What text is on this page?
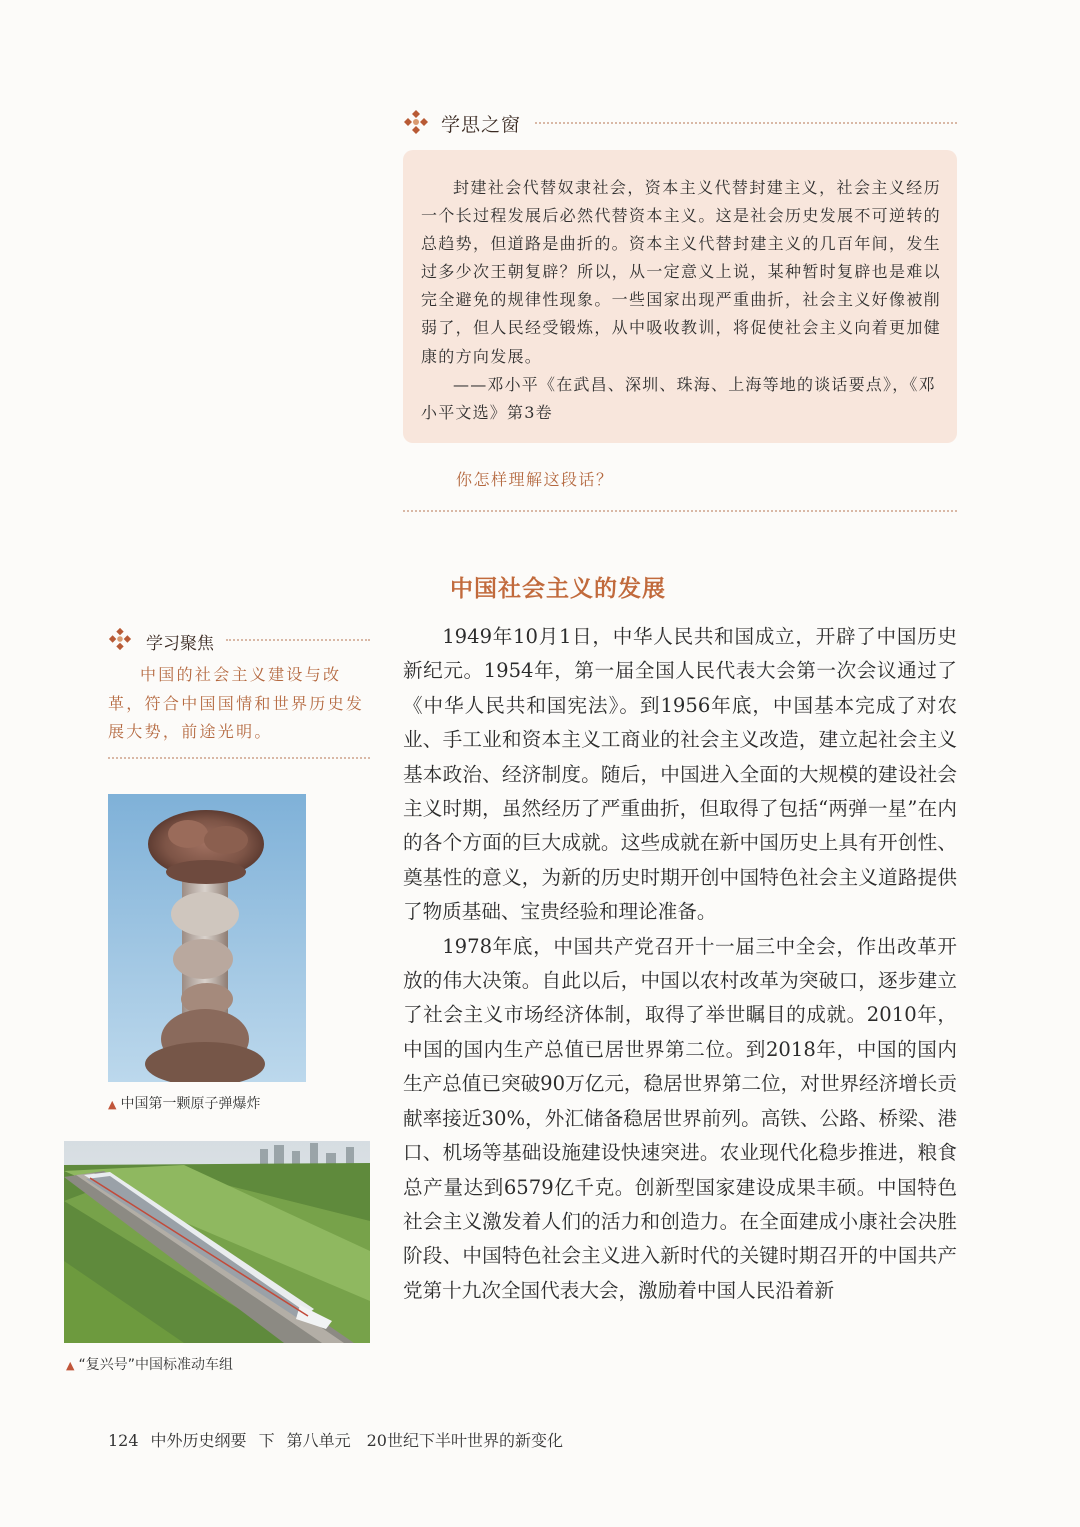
学思之窗

封建社会代替奴隶社会，资本主义代替封建主义，社会主义经历一个长过程发展后必然代替资本主义。这是社会历史发展不可逆转的总趋势，但道路是曲折的。资本主义代替封建主义的几百年间，发生过多少次王朝复辟？所以，从一定意义上说，某种暂时复辟也是难以完全避免的规律性现象。一些国家出现严重曲折，社会主义好像被削弱了，但人民经受锻炼，从中吸收教训，将促使社会主义向着更加健康的方向发展。

——邓小平《在武昌、深圳、珠海、上海等地的谈话要点》，《邓小平文选》第3卷

你怎样理解这段话？
中国社会主义的发展

1949年10月1日，中华人民共和国成立，开辟了中国历史新纪元。1954年，第一届全国人民代表大会第一次会议通过了《中华人民共和国宪法》。到1956年底，中国基本完成了对农业、手工业和资本主义工商业的社会主义改造，建立起社会主义基本政治、经济制度。随后，中国进入全面的大规模的建设社会主义时期，虽然经历了严重曲折，但取得了包括“两弹一星”在内的各个方面的巨大成就。这些成就在新中国历史上具有开创性、奠基性的意义，为新的历史时期开创中国特色社会主义道路提供了物质基础、宝贵经验和理论准备。

1978年底，中国共产党召开十一届三中全会，作出改革开放的伟大决策。自此以后，中国以农村改革为突破口，逐步建立了社会主义市场经济体制，取得了举世瞩目的成就。2010年，中国的国内生产总值已居世界第二位。到2018年，中国的国内生产总值已突破90万亿元，稳居世界第二位，对世界经济增长贡献率接近30%，外汇储备稳居世界前列。高铁、公路、桥梁、港口、机场等基础设施建设快速突进。农业现代化稳步推进，粮食总产量达到6579亿千克。创新型国家建设成果丰硕。中国特色社会主义激发着人们的活力和创造力。在全面建成小康社会决胜阶段、中国特色社会主义进入新时代的关键时期召开的中国共产党第十九次全国代表大会，激励着中国人民沿着新

学习聚焦

中国的社会主义建设与改革，符合中国国情和世界历史发展大势，前途光明。

▲ 中国第一颗原子弹爆炸
▲ “复兴号”中国标准动车组
124 中外历史纲要 下 第八单元 20世纪下半叶世界的新变化
